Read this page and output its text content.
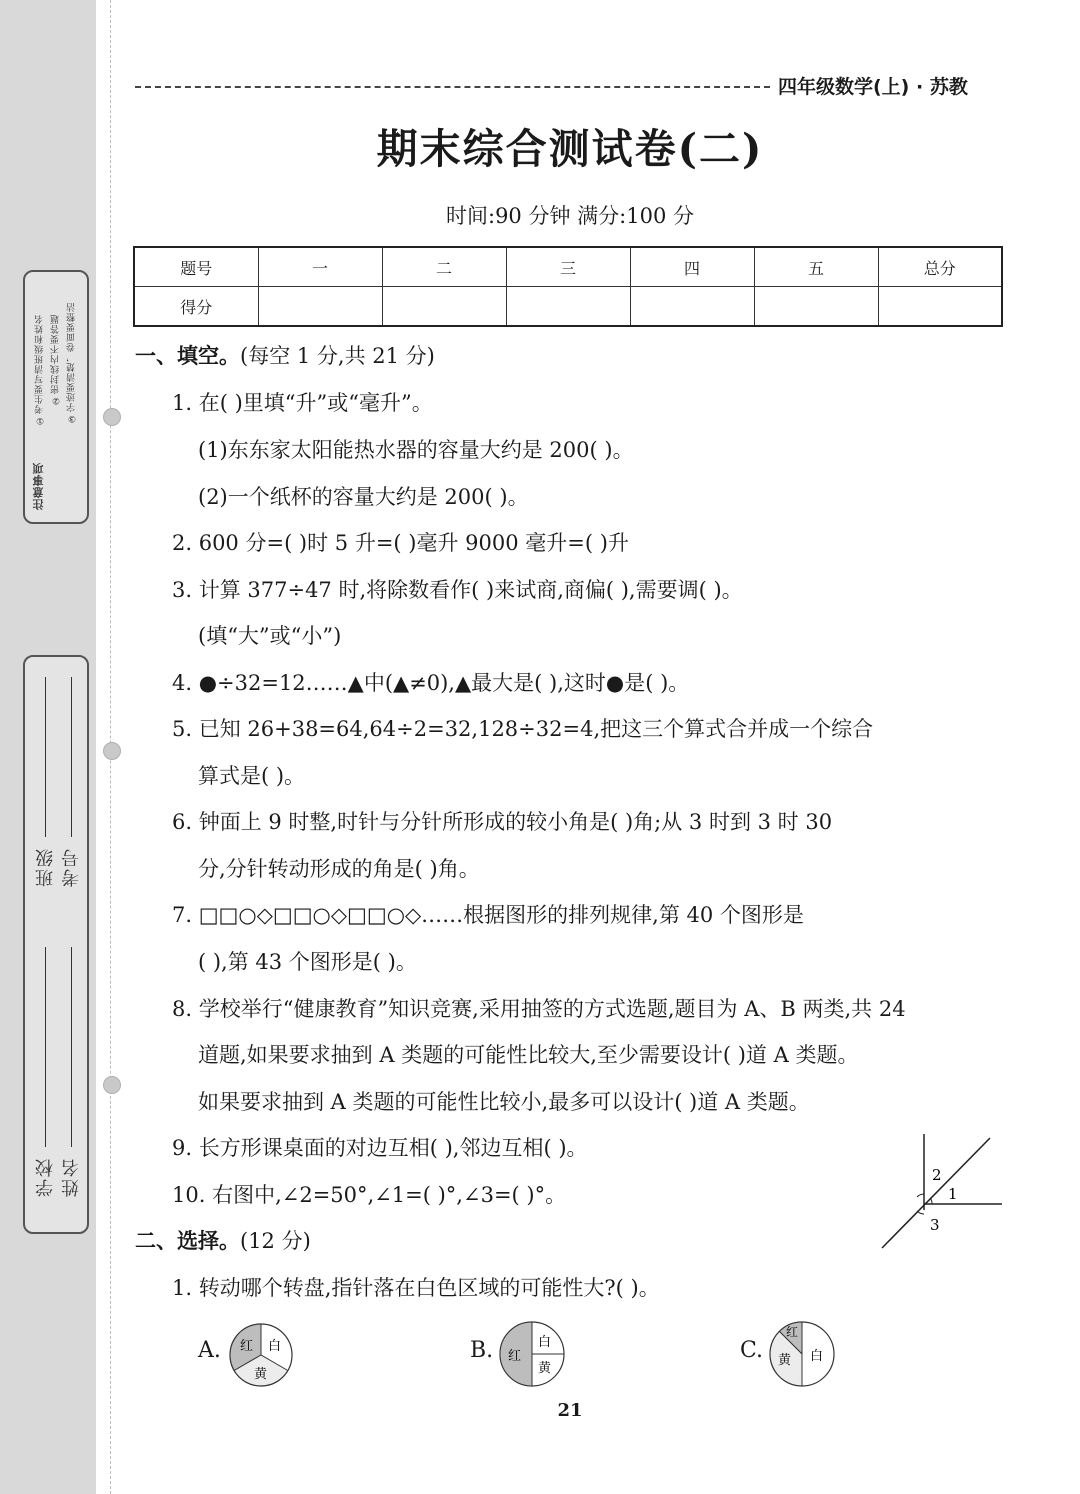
注意事项
①考生要写清班级和姓名 ②密封线内不要答题 ③字迹要清楚，卷面要整洁
学校
班级
姓名
考号
四年级数学(上) · 苏教
期末综合测试卷(二)
时间:90 分钟 满分:100 分
题号	一	二	三	四	五	总分
得分						
一、填空。(每空 1 分,共 21 分)
1. 在( )里填“升”或“毫升”。
(1)东东家太阳能热水器的容量大约是 200( )。
(2)一个纸杯的容量大约是 200( )。
2. 600 分=( )时 5 升=( )毫升 9000 毫升=( )升
3. 计算 377÷47 时,将除数看作( )来试商,商偏( ),需要调( )。
(填“大”或“小”)
4. ●÷32=12……▲中(▲≠0),▲最大是( ),这时●是( )。
5. 已知 26+38=64,64÷2=32,128÷32=4,把这三个算式合并成一个综合
算式是( )。
6. 钟面上 9 时整,时针与分针所形成的较小角是( )角;从 3 时到 3 时 30
分,分针转动形成的角是( )角。
7. □□○◇□□○◇□□○◇……根据图形的排列规律,第 40 个图形是
( ),第 43 个图形是( )。
8. 学校举行“健康教育”知识竞赛,采用抽签的方式选题,题目为 A、B 两类,共 24
道题,如果要求抽到 A 类题的可能性比较大,至少需要设计( )道 A 类题。
如果要求抽到 A 类题的可能性比较小,最多可以设计( )道 A 类题。
9. 长方形课桌面的对边互相( ),邻边互相( )。
10. 右图中,∠2=50°,∠1=( )°,∠3=( )°。
2
1
3
二、选择。(12 分)
1. 转动哪个转盘,指针落在白色区域的可能性大?( )。
A. 红 白
黄
B.	白
红
黄
C.
红
黄 白
21
